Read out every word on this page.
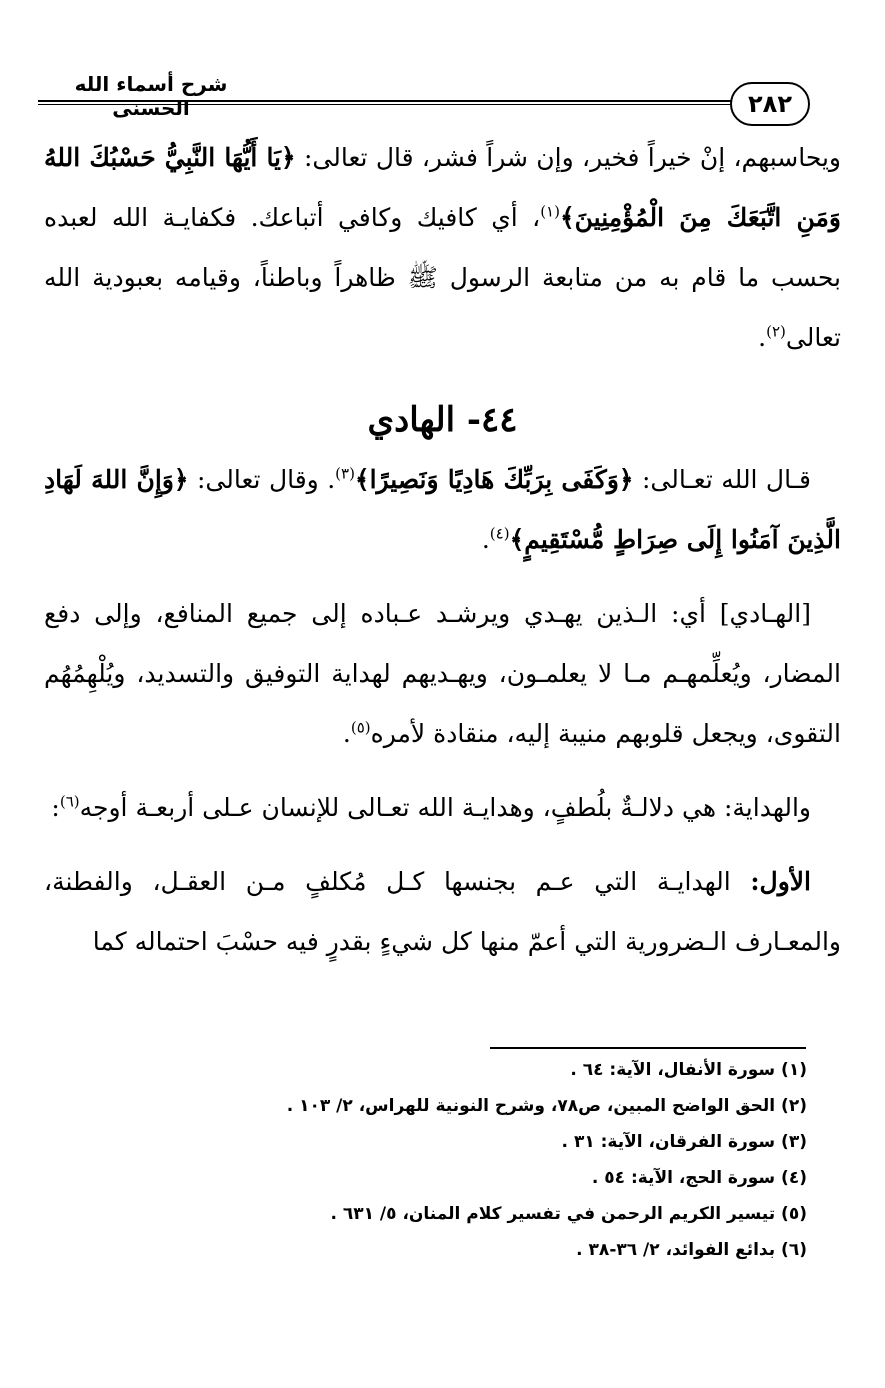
شرح أسماء الله الحسنى	٢٨٢

ويحاسبهم، إنْ خيراً فخير، وإن شراً فشر، قال تعالى: ﴿يَا أَيُّهَا النَّبِيُّ حَسْبُكَ اللهُ وَمَنِ اتَّبَعَكَ مِنَ الْمُؤْمِنِينَ﴾$^{(١)}$، أي كافيك وكافي أتباعك. فكفايـة الله لعبده بحسب ما قام به من متابعة الرسول ﷺ ظاهراً وباطناً، وقيامه بعبودية الله تعالى$^{(٢)}$.

٤٤- الهادي

قـال الله تعـالى: ﴿وَكَفَى بِرَبِّكَ هَادِيًا وَنَصِيرًا﴾$^{(٣)}$. وقال تعالى: ﴿وَإِنَّ اللهَ لَهَادِ الَّذِينَ آمَنُوا إِلَى صِرَاطٍ مُّسْتَقِيمٍ﴾$^{(٤)}$.

[الهـادي] أي: الـذين يهـدي ويرشـد عـباده إلى جميع المنافع، وإلى دفع المضار، ويُعلِّمهـم مـا لا يعلمـون، ويهـديهم لهداية التوفيق والتسديد، ويُلْهِمُهُم التقوى، ويجعل قلوبهم منيبة إليه، منقادة لأمره$^{(٥)}$.

والهداية: هي دلالـةٌ بلُطفٍ، وهدايـة الله تعـالى للإنسان عـلى أربعـة أوجه$^{(٦)}$:

الأول: الهدايـة التي عـم بجنسها كـل مُكلفٍ مـن العقـل، والفطنة، والمعـارف الـضرورية التي أعمّ منها كل شيءٍ بقدرٍ فيه حسْبَ احتماله كما

(١) سورة الأنفال، الآية: ٦٤ .
(٢) الحق الواضح المبين، ص٧٨، وشرح النونية للهراس، ٢/ ١٠٣ .
(٣) سورة الفرقان، الآية: ٣١ .
(٤) سورة الحج، الآية: ٥٤ .
(٥) تيسير الكريم الرحمن في تفسير كلام المنان، ٥/ ٦٣١ .
(٦) بدائع الفوائد، ٢/ ٣٦-٣٨ .
